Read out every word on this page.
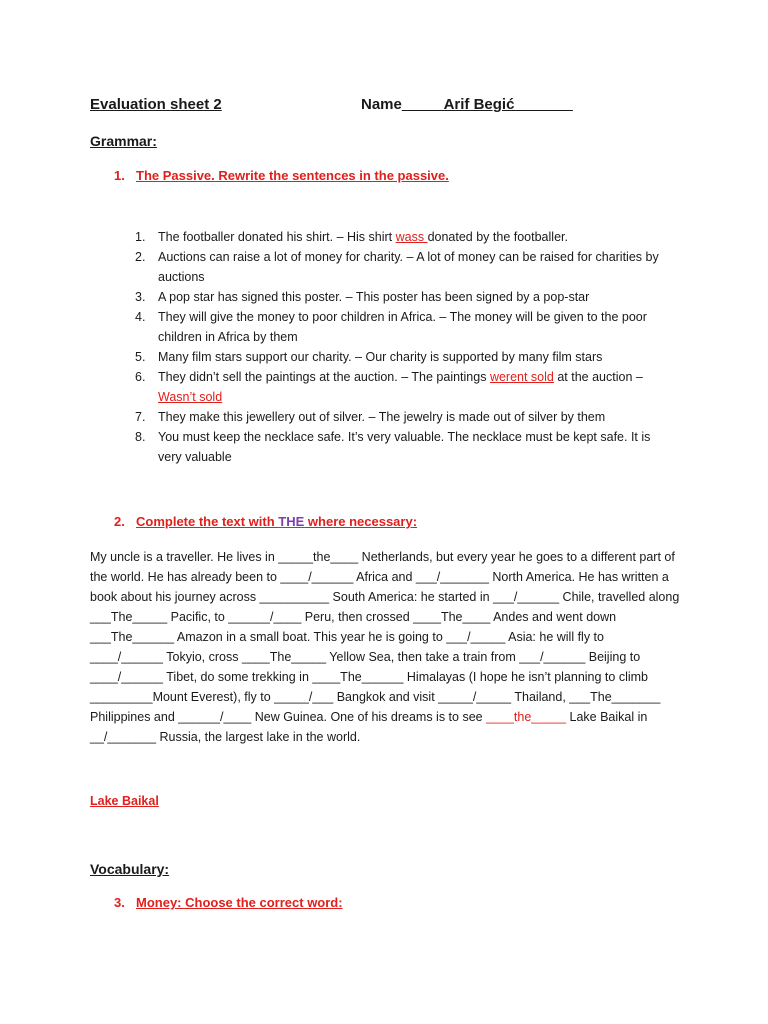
Evaluation sheet 2	Name_____Arif Begić_______
Grammar:
1. The Passive. Rewrite the sentences in the passive.
1. The footballer donated his shirt. – His shirt wass donated by the footballer.
2. Auctions can raise a lot of money for charity. – A lot of money can be raised for charities by auctions
3. A pop star has signed this poster. – This poster has been signed by a pop-star
4. They will give the money to poor children in Africa. – The money will be given to the poor children in Africa by them
5. Many film stars support our charity. – Our charity is supported by many film stars
6. They didn’t sell the paintings at the auction. – The paintings werent sold at the auction – Wasn’t sold
7. They make this jewellery out of silver. – The jewelry is made out of silver by them
8. You must keep the necklace safe. It’s very valuable. The necklace must be kept safe. It is very valuable
2. Complete the text with THE where necessary:
My uncle is a traveller. He lives in _____the____ Netherlands, but every year he goes to a different part of the world. He has already been to ____/______ Africa and ___/_______ North America. He has written a book about his journey across __________ South America: he started in ___/______ Chile, travelled along ___The_____ Pacific, to ______/____ Peru, then crossed ____The____ Andes and went down ___The______ Amazon in a small boat. This year he is going to ___/_____ Asia: he will fly to ____/______ Tokyio, cross ____The_____ Yellow Sea, then take a train from ___/______ Beijing to ____/______ Tibet, do some trekking in ____The______ Himalayas (I hope he isn’t planning to climb _________Mount Everest), fly to _____/___ Bangkok and visit _____/_____ Thailand, ___The_______ Philippines and ______/____ New Guinea. One of his dreams is to see ____the_____ Lake Baikal in __/_______ Russia, the largest lake in the world.
Lake Baikal
Vocabulary:
3. Money: Choose the correct word:
